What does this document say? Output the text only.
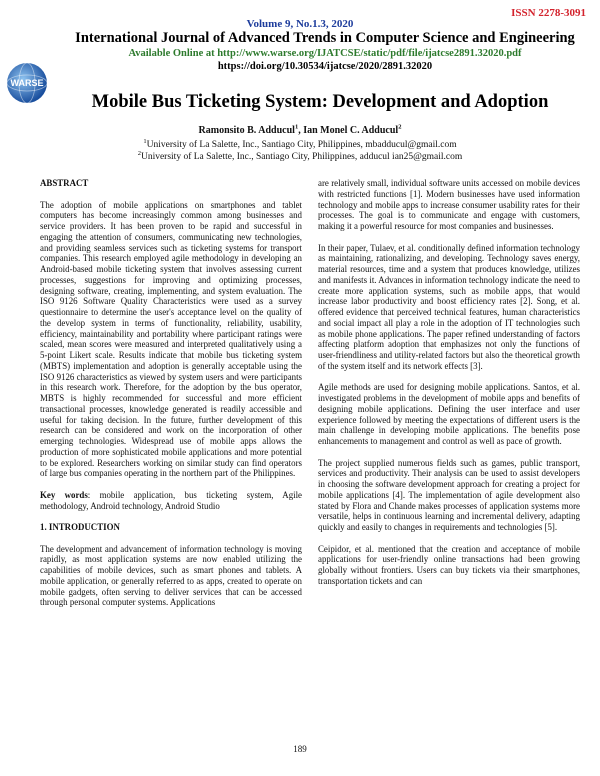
ISSN 2278-3091
Volume 9, No.1.3, 2020
WARSE
International Journal of Advanced Trends in Computer Science and Engineering
Available Online at http://www.warse.org/IJATCSE/static/pdf/file/ijatcse2891.32020.pdf
https://doi.org/10.30534/ijatcse/2020/2891.32020
Mobile Bus Ticketing System: Development and Adoption
Ramonsito B. Adducul$^1$, Ian Monel C. Adducul$^2$
$^1$University of La Salette, Inc., Santiago City, Philippines, mbadducul@gmail.com
$^2$University of La Salette, Inc., Santiago City, Philippines, adducul ian25@gmail.com

ABSTRACT

The adoption of mobile applications on smartphones and tablet computers has become increasingly common among businesses and service providers. It has been proven to be rapid and successful in engaging the attention of consumers, communicating new technologies, and providing seamless services such as ticketing systems for transport companies. This research employed agile methodology in developing an Android-based mobile ticketing system that involves assessing current processes, suggestions for improving and optimizing processes, designing software, creating, implementing, and system evaluation. The ISO 9126 Software Quality Characteristics were used as a survey questionnaire to determine the user's acceptance level on the quality of the develop system in terms of functionality, reliability, usability, efficiency, maintainability and portability where participant ratings were scaled, mean scores were measured and interpreted qualitatively using a 5-point Likert scale. Results indicate that mobile bus ticketing system (MBTS) implementation and adoption is generally acceptable using the ISO 9126 characteristics as viewed by system users and were participants in this research work. Therefore, for the adoption by the bus operator, MBTS is highly recommended for successful and more efficient transactional processes, knowledge generated is readily accessible and useful for taking decision. In the future, further development of this research can be considered and work on the incorporation of other emerging technologies. Widespread use of mobile apps allows the production of more sophisticated mobile applications and more potential to be explored. Researchers working on similar study can find operators of large bus companies operating in the northern part of the Philippines.

Key words: mobile application, bus ticketing system, Agile methodology, Android technology, Android Studio

1. INTRODUCTION

The development and advancement of information technology is moving rapidly, as most application systems are now enabled utilizing the capabilities of mobile devices, such as smart phones and tablets. A mobile application, or generally referred to as apps, created to operate on mobile gadgets, often serving to deliver services that can be accessed through personal computer systems. Applications

are relatively small, individual software units accessed on mobile devices with restricted functions [1]. Modern businesses have used information technology and mobile apps to increase consumer usability rates for their processes. The goal is to communicate and engage with customers, making it a powerful resource for most companies and businesses.

In their paper, Tulaev, et al. conditionally defined information technology as maintaining, rationalizing, and developing. Technology saves energy, material resources, time and a system that produces knowledge, utilizes and manifests it. Advances in information technology indicate the need to create more application systems, such as mobile apps, that would increase labor productivity and boost efficiency rates [2]. Song, et al. offered evidence that perceived technical features, human characteristics and social impact all play a role in the adoption of IT technologies such as mobile phone applications. The paper refined understanding of factors affecting platform adoption that emphasizes not only the functions of user-friendliness and utility-related factors but also the theoretical growth of the system itself and its network effects [3].

Agile methods are used for designing mobile applications. Santos, et al. investigated problems in the development of mobile apps and benefits of designing mobile applications. Defining the user interface and user experience followed by meeting the expectations of different users is the main challenge in developing mobile applications. The benefits pose enhancements to management and control as well as pace of growth.

The project supplied numerous fields such as games, public transport, services and productivity. Their analysis can be used to assist developers in choosing the software development approach for creating a project for mobile applications [4]. The implementation of agile development also stated by Flora and Chande makes processes of application systems more versatile, helps in continuous learning and incremental delivery, adapting quickly and easily to changes in requirements and technologies [5].

Ceipidor, et al. mentioned that the creation and acceptance of mobile applications for user-friendly online transactions had been growing globally without frontiers. Users can buy tickets via their smartphones, transportation tickets and can

189
